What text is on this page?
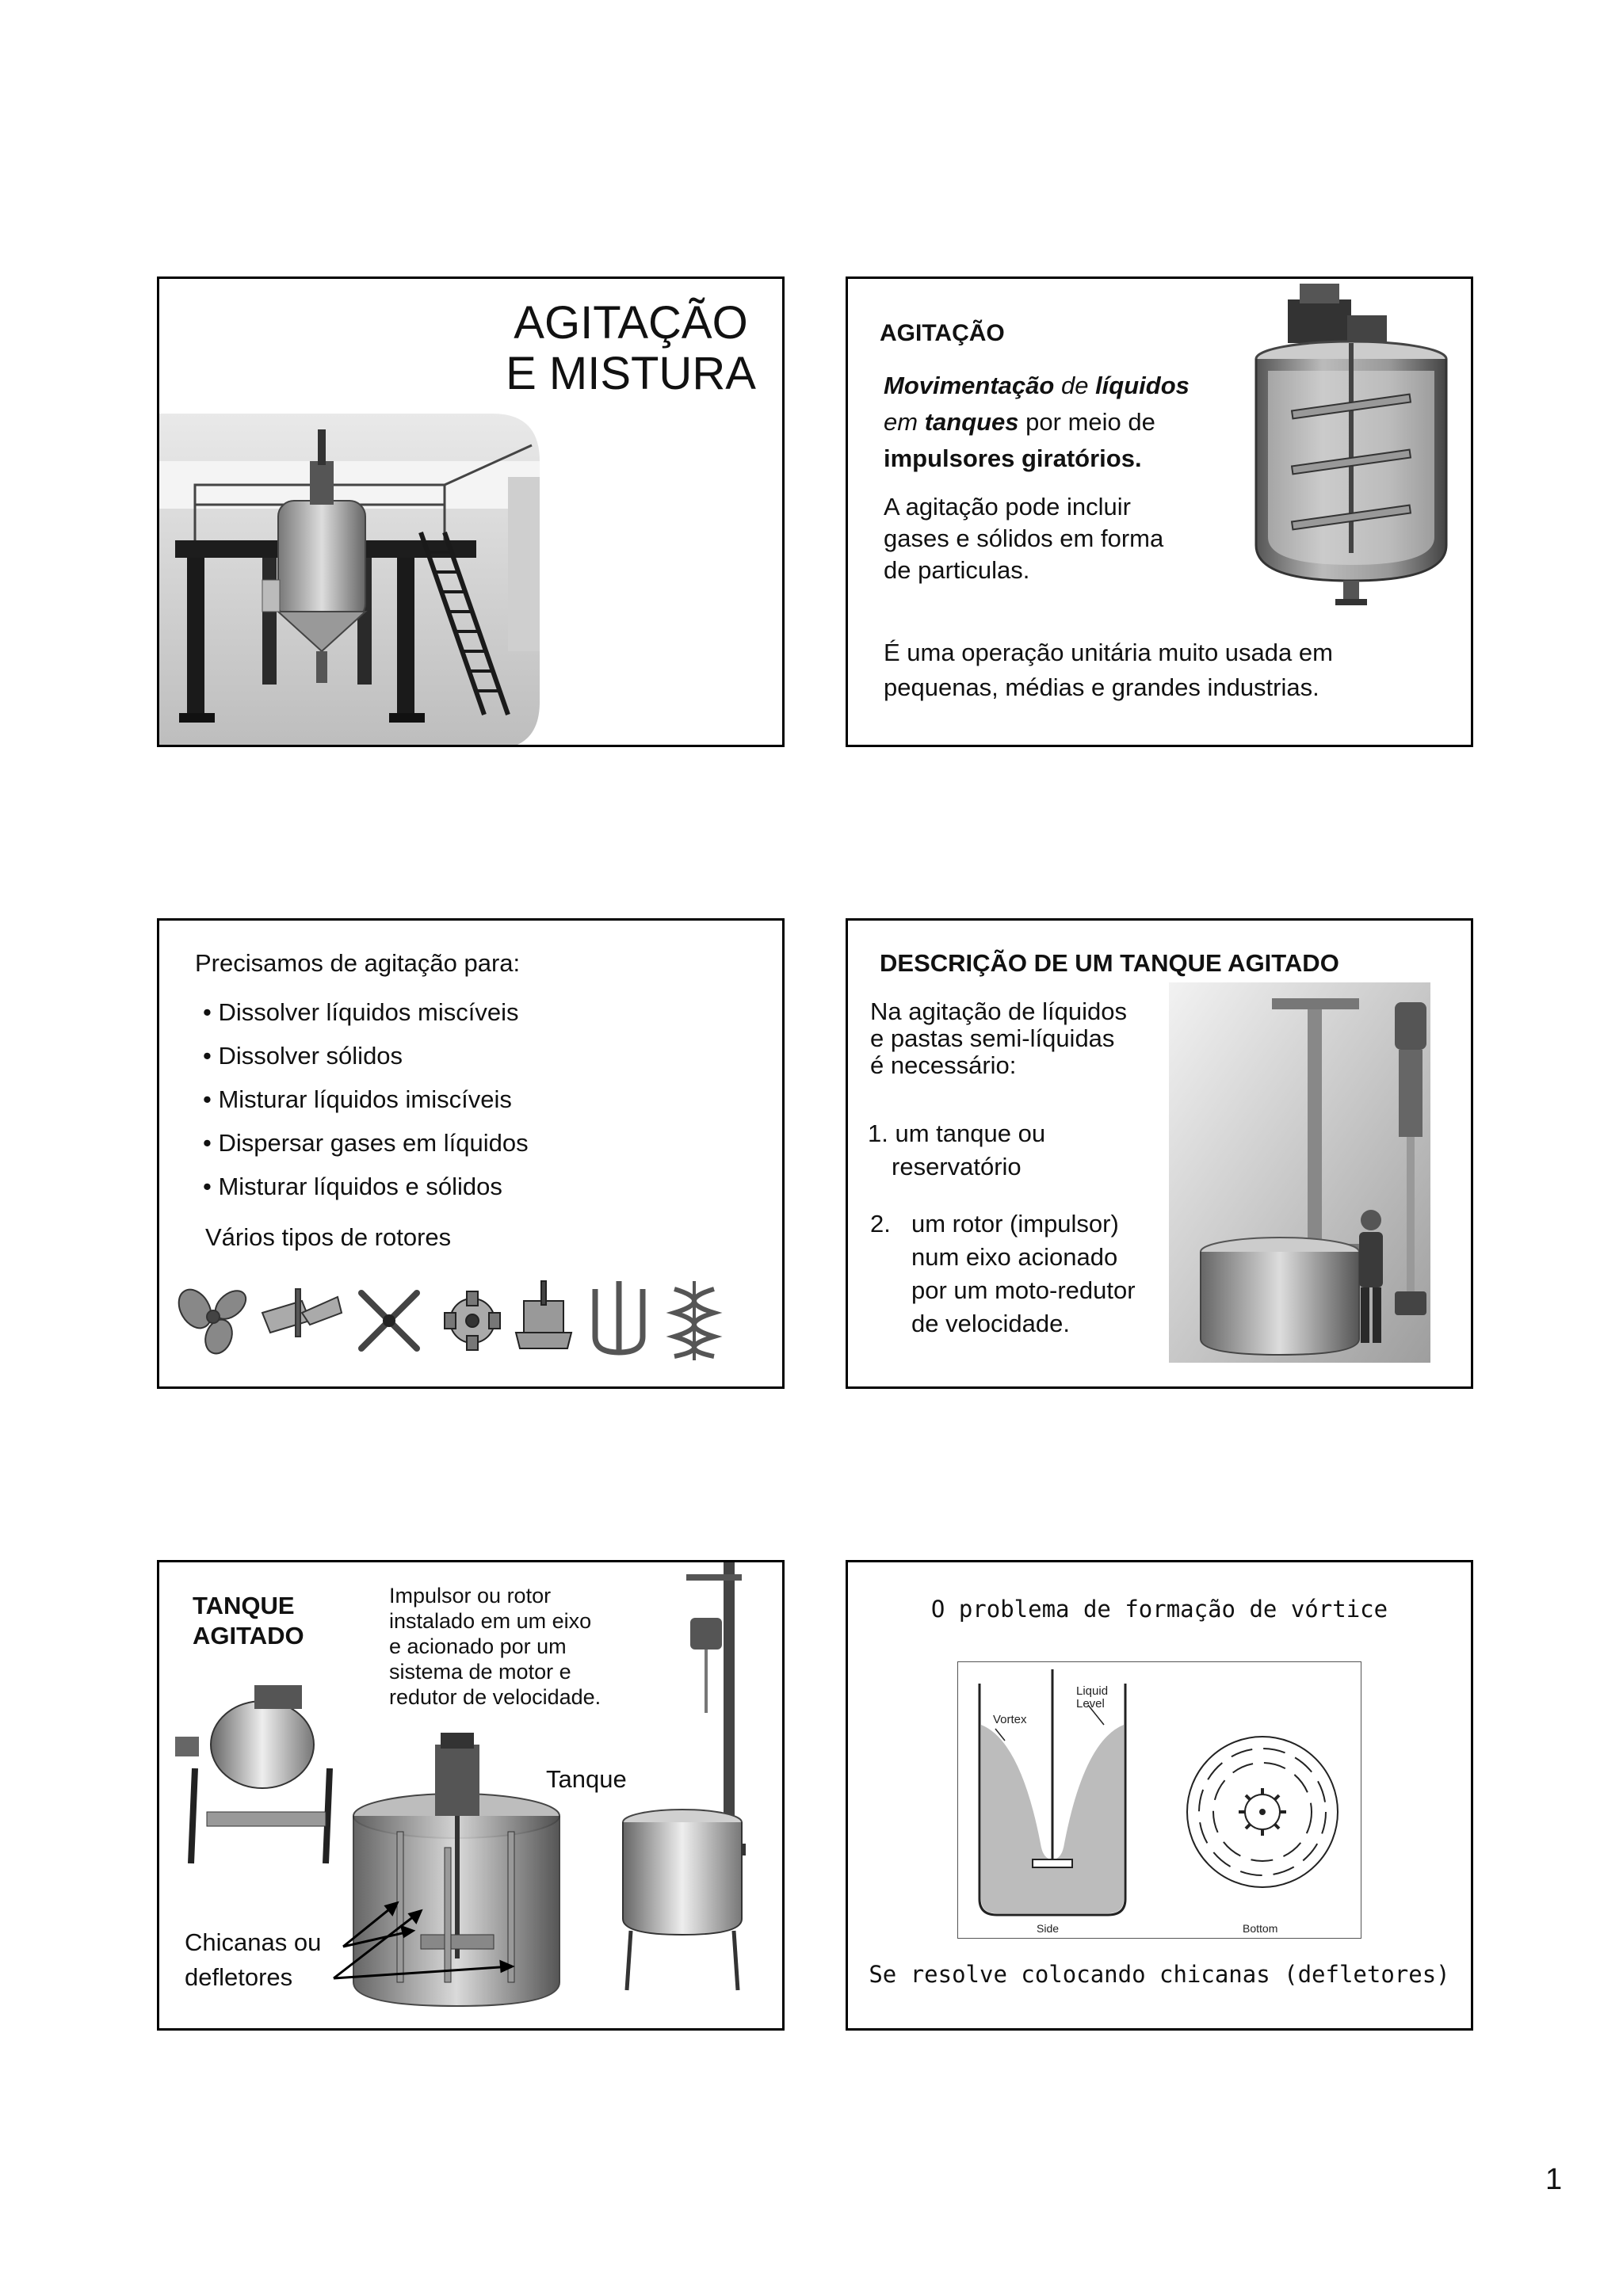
AGITAÇÃO
E MISTURA
AGITAÇÃO
Movimentação de líquidos
em tanques por meio de
impulsores giratórios.
A agitação pode incluir
gases e sólidos em forma
de particulas.
É uma operação unitária muito usada em
pequenas, médias e grandes industrias.
Precisamos de agitação para:
• Dissolver líquidos miscíveis
• Dissolver sólidos
• Misturar líquidos imiscíveis
• Dispersar gases em líquidos
• Misturar líquidos e sólidos
Vários tipos de rotores
DESCRIÇÃO DE UM TANQUE AGITADO
Na agitação de líquidos
e pastas semi-líquidas
é necessário:
1. um tanque ou
reservatório
2. um rotor (impulsor)
num eixo acionado
por um moto-redutor
de velocidade.
TANQUE
AGITADO
Impulsor ou rotor
instalado em um eixo
e acionado por um
sistema de motor e
redutor de velocidade.
Tanque
Chicanas ou
defletores
O problema de formação de vórtice
Liquid
Level
Vortex
Side	Bottom
Se resolve colocando chicanas (defletores)
1
